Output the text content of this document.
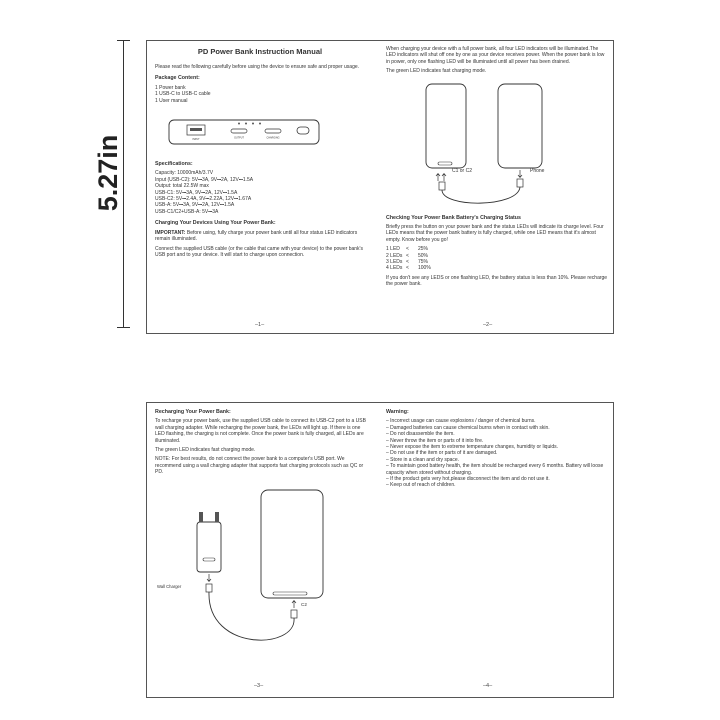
5.27in
PD Power Bank Instruction Manual

Please read the following carefully before using the device to ensure safe and proper usage.

Package Content:
1 Power bank
1 USB-C to USB-C cable
1 User manual
INPUT	OUTPUT	CHARGING
Specifications:
Capacity: 10000mAh/3.7V
Input (USB-C2): 5V⎓3A, 9V⎓2A, 12V⎓1.5A
Output: total 22.5W max
USB-C1: 5V⎓3A, 9V⎓2A, 12V⎓1.5A
USB-C2: 5V⎓2.4A, 9V⎓2.22A, 12V⎓1.67A
USB-A: 5V⎓3A, 9V⎓2A, 12V⎓1.5A
USB-C1/C2+USB-A: 5V⎓3A
Charging Your Devices Using Your Power Bank:

IMPORTANT: Before using, fully charge your power bank until all four status LED indicators remain illuminated.

Connect the supplied USB cable (or the cable that came with your device) to the power bank's USB port and to your device. It will start to charge upon connection.

–1–

When charging your device with a full power bank, all four LED indicators will be illuminated.The LED indicators will shut off one by one as your device receives power. When the power bank is low in power, only one flashing LED will be illuminated until all power has been drained.

The green LED indicates fast charging mode.

C1 or C2	Phone
Checking Your Power Bank Battery's Charging Status

Briefly press the button on your power bank and the status LEDs will indicate its charge level. Four LEDs means that the power bank battery is fully charged, while one LED means that it's almost empty. Know before you go!

1 LED	<	25%
2 LEDs <	50%
3 LEDs <	75%
4 LEDs <	100%

If you don't see any LEDS or one flashing LED, the battery status is less than 10%. Please recharge the power bank.

–2–
Recharging Your Power Bank:

To recharge your power bank, use the supplied USB cable to connect its USB-C2 port to a USB wall charging adapter. While recharging the power bank, the LEDs will light up. If there is one LED flashing, the charging is not complete. Once the power bank is fully charged, all LEDs are illuminated.

The green LED indicates fast charging mode.

NOTE: For best results, do not connect the power bank to a computer's USB port. We recommend using a wall charging adapter that supports fast charging protocols such as QC or PD.

Wall Charger
C2
–3–
Warning:
– Incorrect usage can cause explosions / danger of chemical burns.
– Damaged batteries can cause chemical burns when in contact with skin.
– Do not disassemble the item.
– Never throw the item or parts of it into fire.
– Never expose the item to extreme temperature changes, humidity or liquids.
– Do not use if the item or parts of it are damaged.
– Store in a clean and dry space.
– To maintain good battery health, the item should be recharged every 6 months. Battery will loose capacity when stored without charging.
– If the product gets very hot,please disconnect the item and do not use it.
– Keep out of reach of children.
–4–
